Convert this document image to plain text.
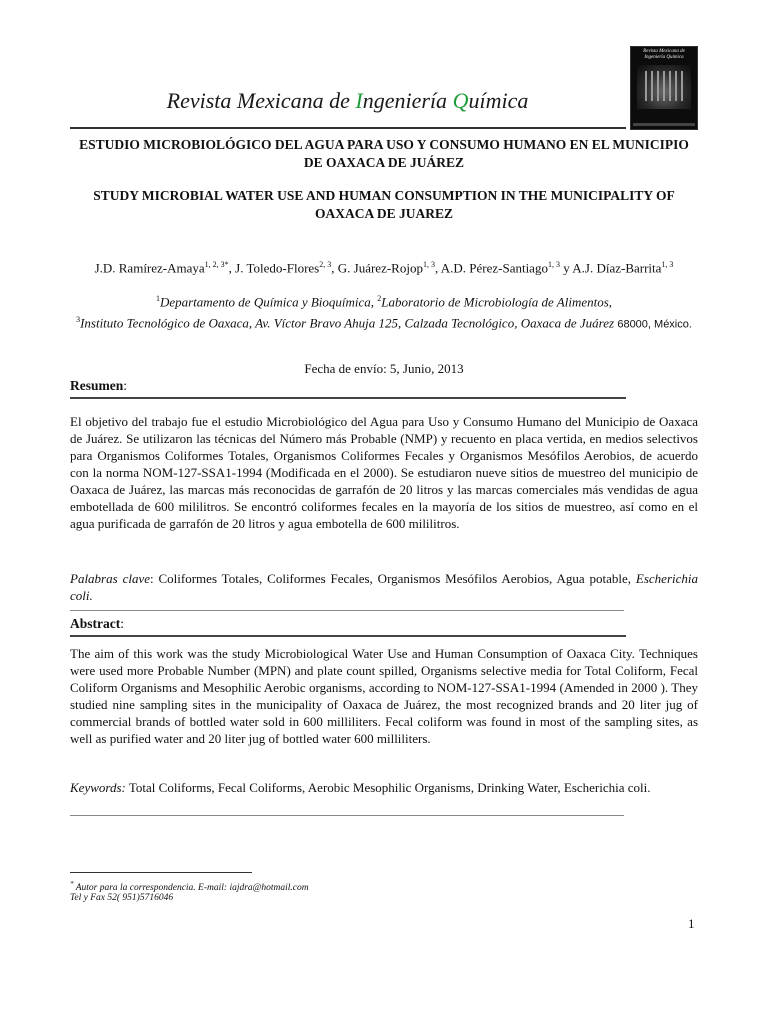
Revista Mexicana de Ingeniería Química
Revista Mexicana de Ingeniería Química
ESTUDIO MICROBIOLÓGICO DEL AGUA PARA USO Y CONSUMO HUMANO EN EL MUNICIPIO DE OAXACA DE JUÁREZ
STUDY MICROBIAL WATER USE AND HUMAN CONSUMPTION IN THE MUNICIPALITY OF OAXACA DE JUAREZ
J.D. Ramírez-Amaya$^{1, 2, 3*}$, J. Toledo-Flores$^{2, 3}$, G. Juárez-Rojop$^{1, 3}$, A.D. Pérez-Santiago$^{1, 3}$ y A.J. Díaz-Barrita$^{1, 3}$
$^1$Departamento de Química y Bioquímica, $^2$Laboratorio de Microbiología de Alimentos,
$^3$Instituto Tecnológico de Oaxaca, Av. Víctor Bravo Ahuja 125, Calzada Tecnológico, Oaxaca de Juárez 68000, México.
Fecha de envío: 5, Junio, 2013
Resumen:
El objetivo del trabajo fue el estudio Microbiológico del Agua para Uso y Consumo Humano del Municipio de Oaxaca de Juárez. Se utilizaron las técnicas del Número más Probable (NMP) y recuento en placa vertida, en medios selectivos para Organismos Coliformes Totales, Organismos Coliformes Fecales y Organismos Mesófilos Aerobios, de acuerdo con la norma NOM-127-SSA1-1994 (Modificada en el 2000). Se estudiaron nueve sitios de muestreo del municipio de Oaxaca de Juárez, las marcas más reconocidas de garrafón de 20 litros y las marcas comerciales más vendidas de agua embotellada de 600 mililitros. Se encontró coliformes fecales en la mayoría de los sitios de muestreo, así como en el agua purificada de garrafón de 20 litros y agua embotella de 600 mililitros.
Palabras clave: Coliformes Totales, Coliformes Fecales, Organismos Mesófilos Aerobios, Agua potable, Escherichia coli.
Abstract:
The aim of this work was the study Microbiological Water Use and Human Consumption of Oaxaca City. Techniques were used more Probable Number (MPN) and plate count spilled, Organisms selective media for Total Coliform, Fecal Coliform Organisms and Mesophilic Aerobic organisms, according to NOM-127-SSA1-1994 (Amended in 2000 ). They studied nine sampling sites in the municipality of Oaxaca de Juárez, the most recognized brands and 20 liter jug of commercial brands of bottled water sold in 600 milliliters. Fecal coliform was found in most of the sampling sites, as well as purified water and 20 liter jug of bottled water 600 milliliters.
Keywords: Total Coliforms, Fecal Coliforms, Aerobic Mesophilic Organisms, Drinking Water, Escherichia coli.
* Autor para la correspondencia. E-mail: iajdra@hotmail.com
Tel y Fax 52( 951)5716046
1
